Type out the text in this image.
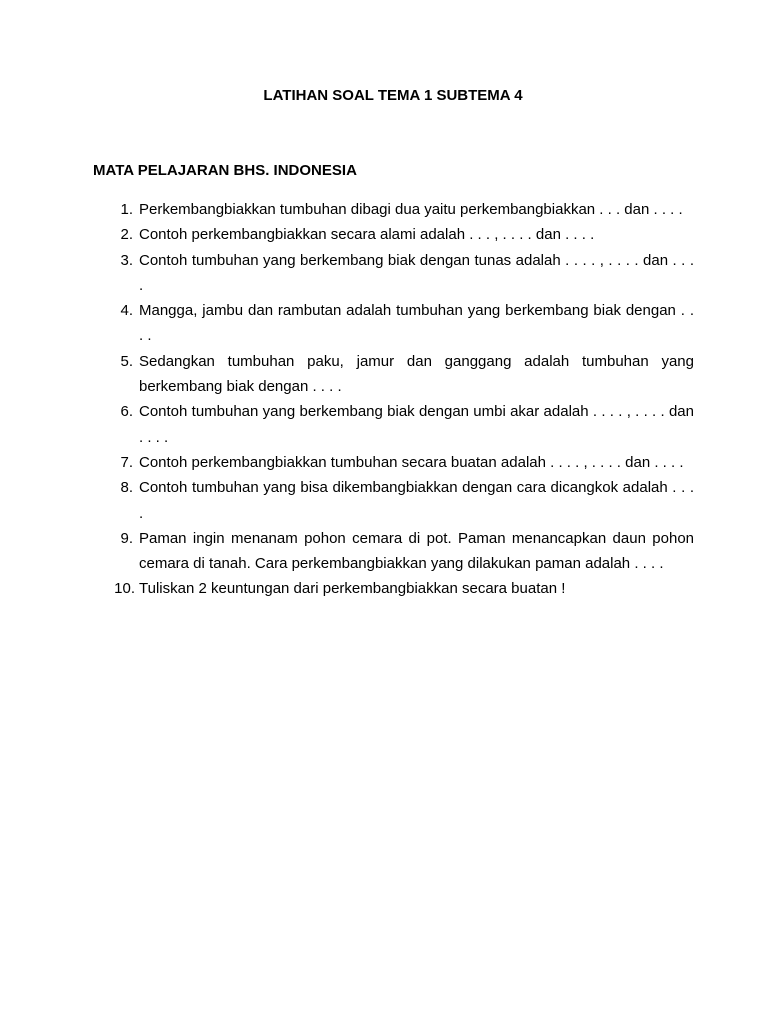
LATIHAN SOAL TEMA 1 SUBTEMA 4
MATA PELAJARAN BHS. INDONESIA
1. Perkembangbiakkan tumbuhan dibagi dua yaitu perkembangbiakkan . . . dan . . . .
2. Contoh perkembangbiakkan secara alami adalah . . . , . . . . dan . . . .
3. Contoh tumbuhan yang berkembang biak dengan tunas adalah . . . . , . . . . dan . . . .
4. Mangga, jambu dan rambutan adalah tumbuhan yang berkembang biak dengan . . . .
5. Sedangkan tumbuhan paku, jamur dan ganggang adalah tumbuhan yang berkembang biak dengan . . . .
6. Contoh tumbuhan yang berkembang biak dengan umbi akar adalah . . . . , . . . . dan . . . .
7. Contoh perkembangbiakkan tumbuhan secara buatan adalah . . . . , . . . . dan . . . .
8. Contoh tumbuhan yang bisa dikembangbiakkan dengan cara dicangkok adalah . . . .
9. Paman ingin menanam pohon cemara di pot. Paman menancapkan daun pohon cemara di tanah. Cara perkembangbiakkan yang dilakukan paman adalah . . . .
10. Tuliskan 2 keuntungan dari perkembangbiakkan secara buatan !
